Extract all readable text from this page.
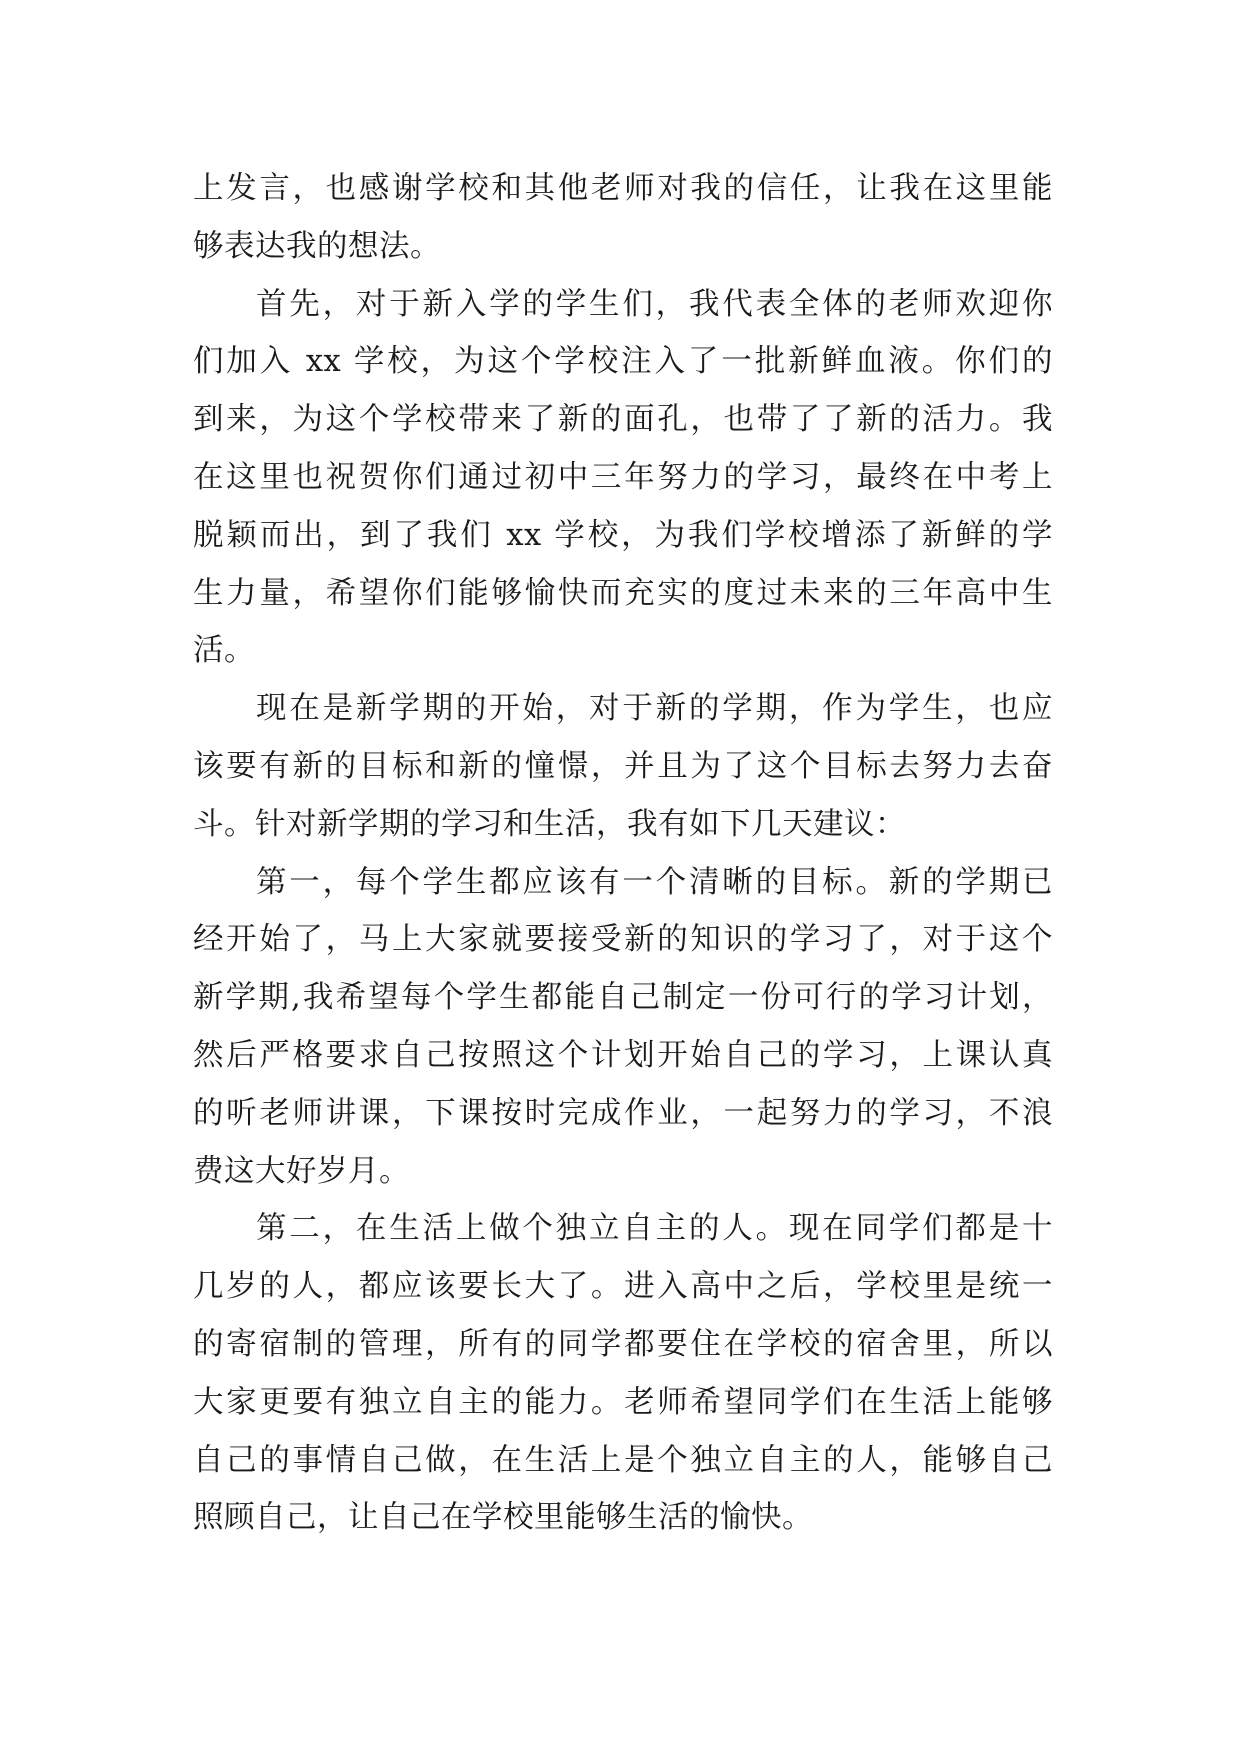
上发言，也感谢学校和其他老师对我的信任，让我在这里能
够表达我的想法。
首先，对于新入学的学生们，我代表全体的老师欢迎你
们加入 xx 学校，为这个学校注入了一批新鲜血液。你们的
到来，为这个学校带来了新的面孔，也带了了新的活力。我
在这里也祝贺你们通过初中三年努力的学习，最终在中考上
脱颖而出，到了我们 xx 学校，为我们学校增添了新鲜的学
生力量，希望你们能够愉快而充实的度过未来的三年高中生
活。
现在是新学期的开始，对于新的学期，作为学生，也应
该要有新的目标和新的憧憬，并且为了这个目标去努力去奋
斗。针对新学期的学习和生活，我有如下几天建议：
第一，每个学生都应该有一个清晰的目标。新的学期已
经开始了，马上大家就要接受新的知识的学习了，对于这个
新学期,我希望每个学生都能自己制定一份可行的学习计划，
然后严格要求自己按照这个计划开始自己的学习，上课认真
的听老师讲课，下课按时完成作业，一起努力的学习，不浪
费这大好岁月。
第二，在生活上做个独立自主的人。现在同学们都是十
几岁的人，都应该要长大了。进入高中之后，学校里是统一
的寄宿制的管理，所有的同学都要住在学校的宿舍里，所以
大家更要有独立自主的能力。老师希望同学们在生活上能够
自己的事情自己做，在生活上是个独立自主的人，能够自己
照顾自己，让自己在学校里能够生活的愉快。
